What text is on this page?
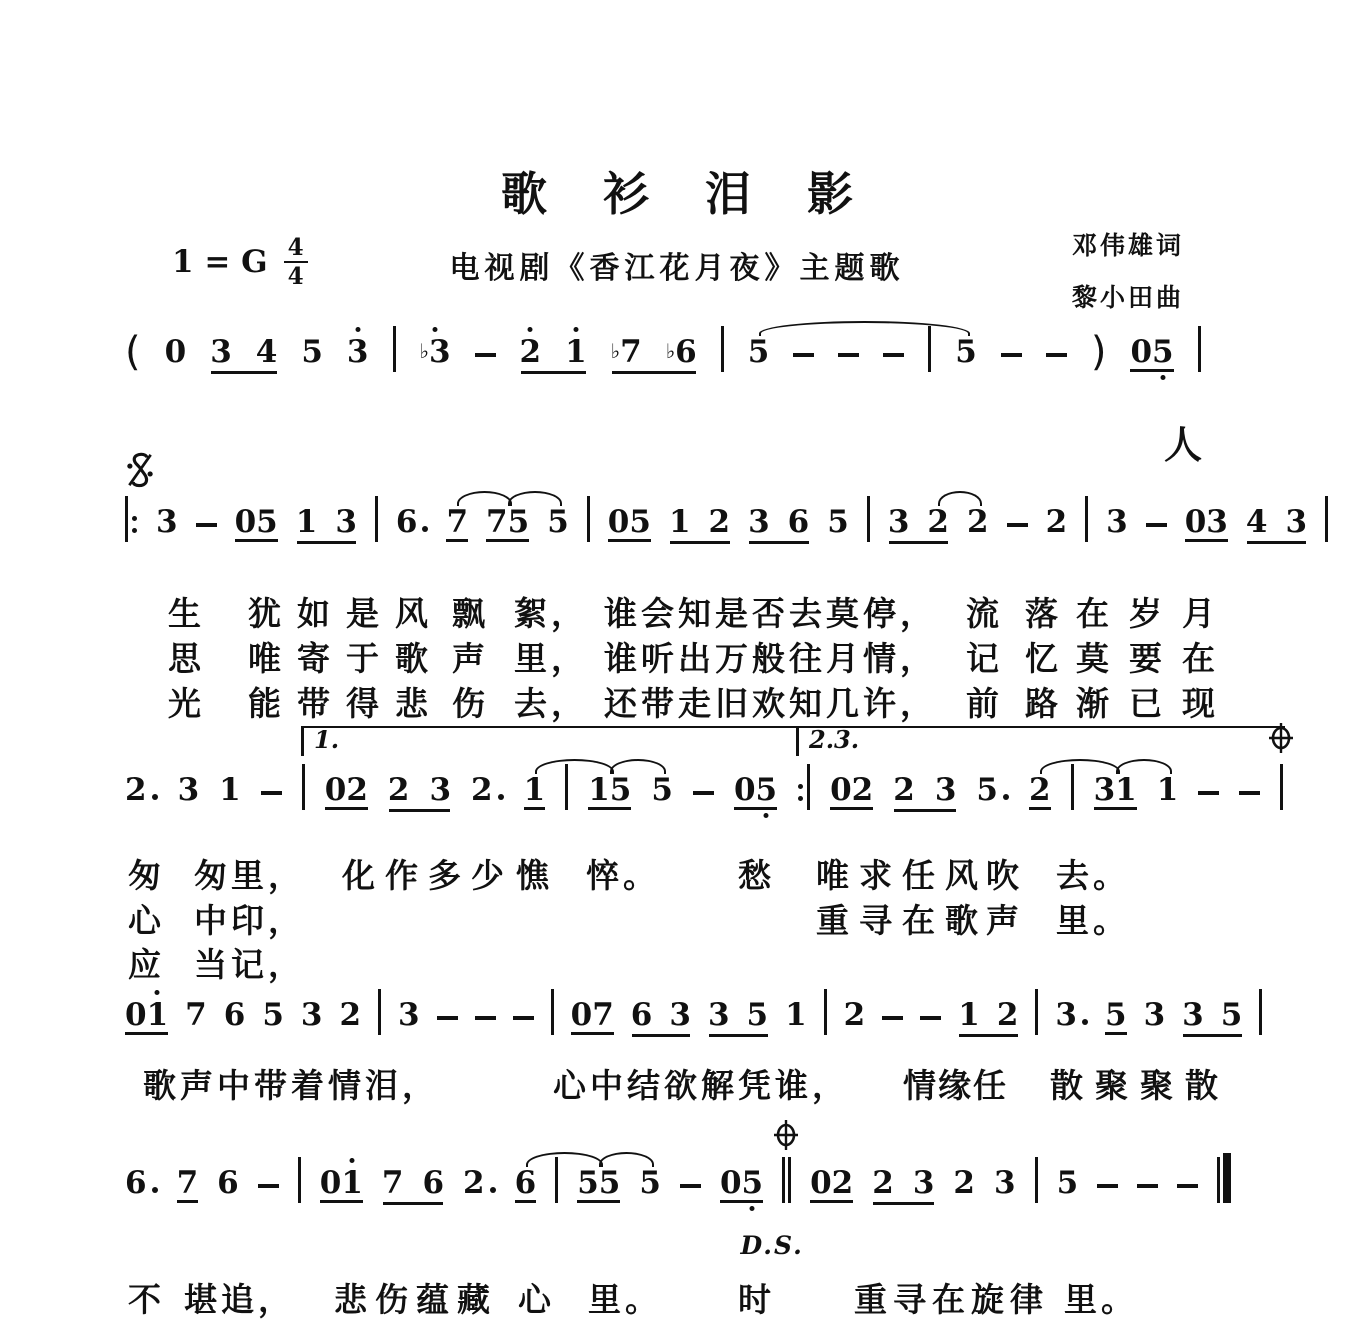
歌衫泪影
邓伟雄词
黎小田曲
1 = G $\frac{4}{4}$	电视剧《香江花月夜》主题歌
( 0 3 4 5 3	♭ 3 2 1 ♭ 7 ♭ 6 5	5	) 0 5
3 0 5 1 3 6 7 7 5 5 0 5 1 2 3 6 5 3 2 2 2 3 0 3 4 3
2 3 1	0 2 2 3 2 1 1 5 5 0 5 0 2 2 3 5 2 3 1 1
1.	2.3.
0 1 7 6 5 3 2 3	0 7 6 3 3 5 1 2	1 2 3 5 3 3 5
6 7 6	0 1 7 6 2 6 5 5 5 0 5 0 2 2 3 2 3 5
D.S.
人
生 犹如是风 飘 絮， 谁会知是否去莫停， 流落
在岁月
思 唯寄于歌 声 里， 谁听出万般往月情， 记忆
莫要在
光 能带得悲 伤 去， 还带走旧欢知几许， 前路
渐已现
匆 匆里， 化作多少 憔 悴。 愁 唯求任风
吹 去。
心 中印，	重寻在歌
声 里。
应 当记，
歌声中带着情泪，	心中结欲解凭谁， 情缘任 散聚聚散
不 堪追， 悲伤蕴藏 心 里。 时 重寻在旋律 里。
